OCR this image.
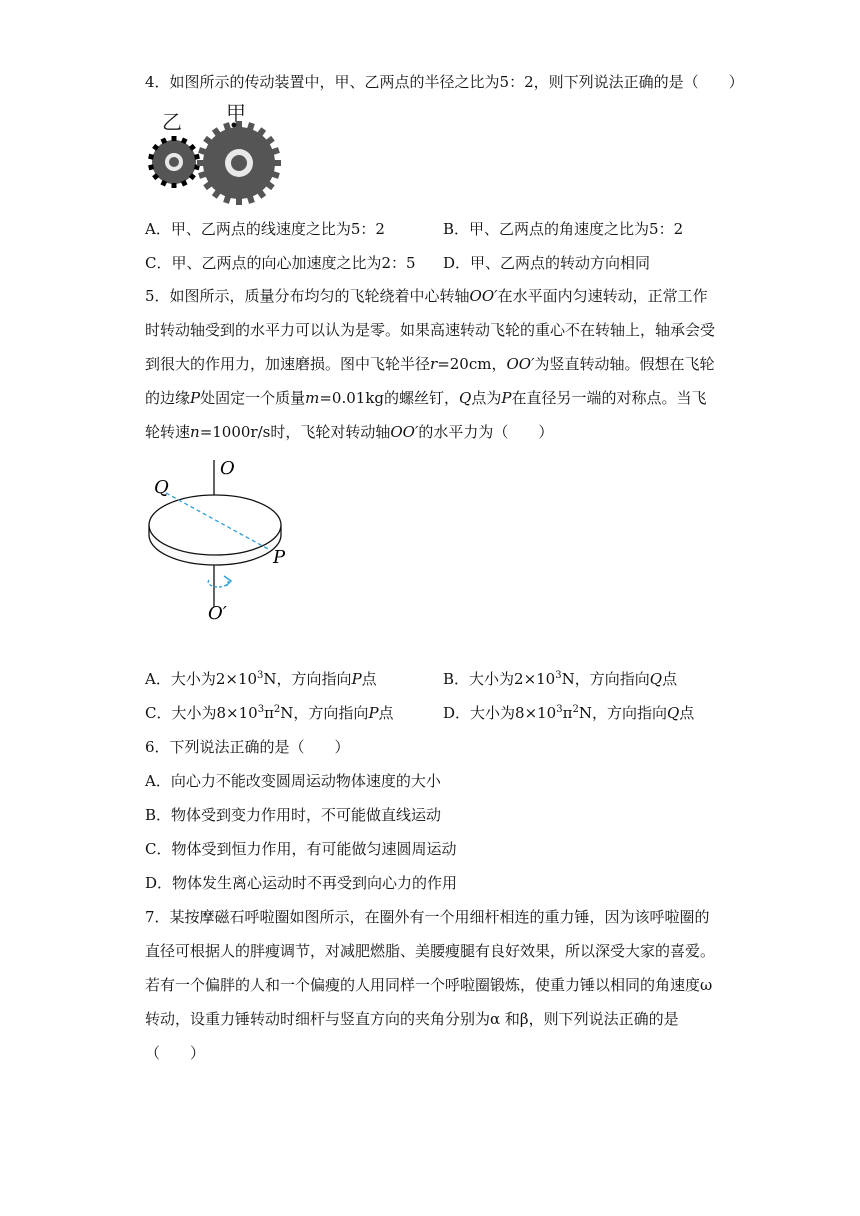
4．如图所示的传动装置中，甲、乙两点的半径之比为5：2，则下列说法正确的是（　　）
乙 甲
A．甲、乙两点的线速度之比为5：2	B．甲、乙两点的角速度之比为5：2
C．甲、乙两点的向心加速度之比为2：5 D．甲、乙两点的转动方向相同
5．如图所示，质量分布均匀的飞轮绕着中心转轴OO′在水平面内匀速转动，正常工作
时转动轴受到的水平力可以认为是零。如果高速转动飞轮的重心不在转轴上，轴承会受
到很大的作用力，加速磨损。图中飞轮半径r=20cm，OO′为竖直转动轴。假想在飞轮
的边缘P处固定一个质量m=0.01kg的螺丝钉，Q点为P在直径另一端的对称点。当飞
轮转速n=1000r/s时，飞轮对转动轴OO′的水平力为（　　）
O
Q
P
O′
A．大小为$2\times 10^3N$，方向指向P点	B．大小为$2\times 10^3N$，方向指向Q点
C．大小为$8\times 10^3\pi^2N$，方向指向P点	D．大小为$8\times 10^3\pi^2N$，方向指向Q点
6．下列说法正确的是（　　）
A．向心力不能改变圆周运动物体速度的大小
B．物体受到变力作用时，不可能做直线运动
C．物体受到恒力作用，有可能做匀速圆周运动
D．物体发生离心运动时不再受到向心力的作用
7．某按摩磁石呼啦圈如图所示，在圈外有一个用细杆相连的重力锤，因为该呼啦圈的
直径可根据人的胖瘦调节，对减肥燃脂、美腰瘦腿有良好效果，所以深受大家的喜爱。
若有一个偏胖的人和一个偏瘦的人用同样一个呼啦圈锻炼，使重力锤以相同的角速度ω
转动，设重力锤转动时细杆与竖直方向的夹角分别为α 和β，则下列说法正确的是
（　　）
